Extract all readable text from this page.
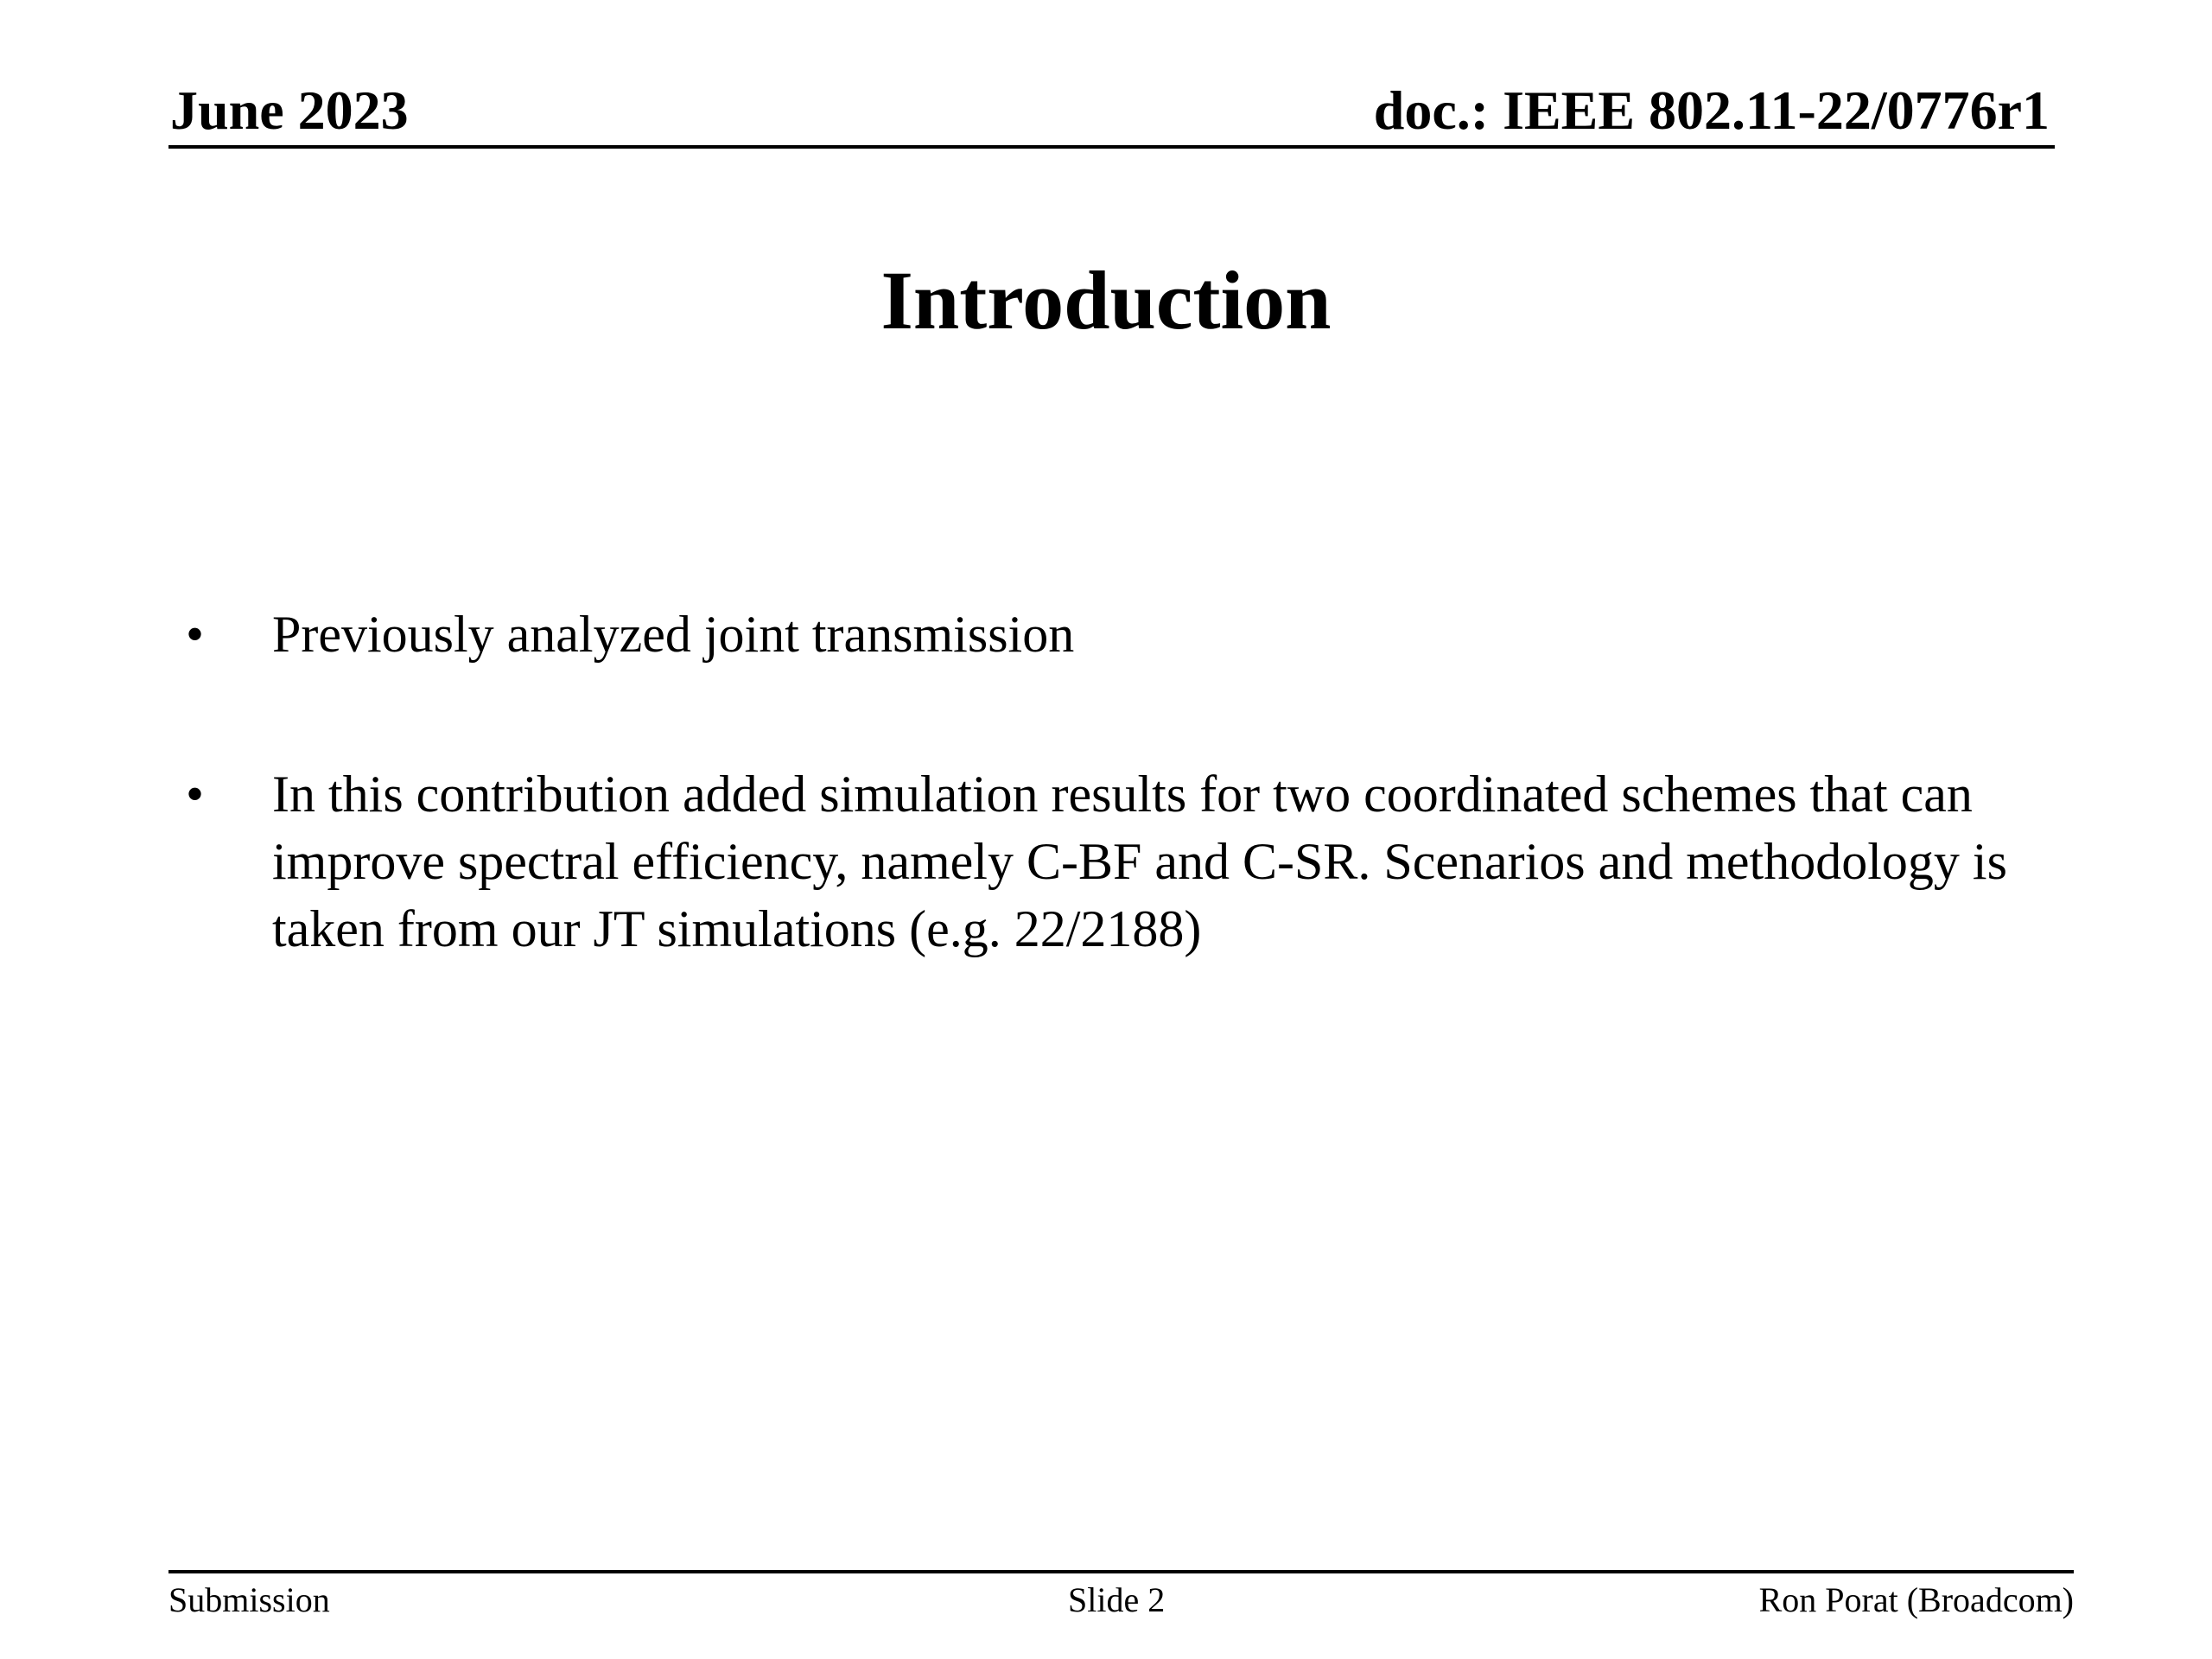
June 2023	doc.: IEEE 802.11-22/0776r1
Introduction
• Previously analyzed joint transmission
• In this contribution added simulation results for two coordinated schemes that can improve spectral efficiency, namely C-BF and C-SR. Scenarios and methodology is taken from our JT simulations (e.g. 22/2188)
Submission	Slide 2	Ron Porat (Broadcom)
